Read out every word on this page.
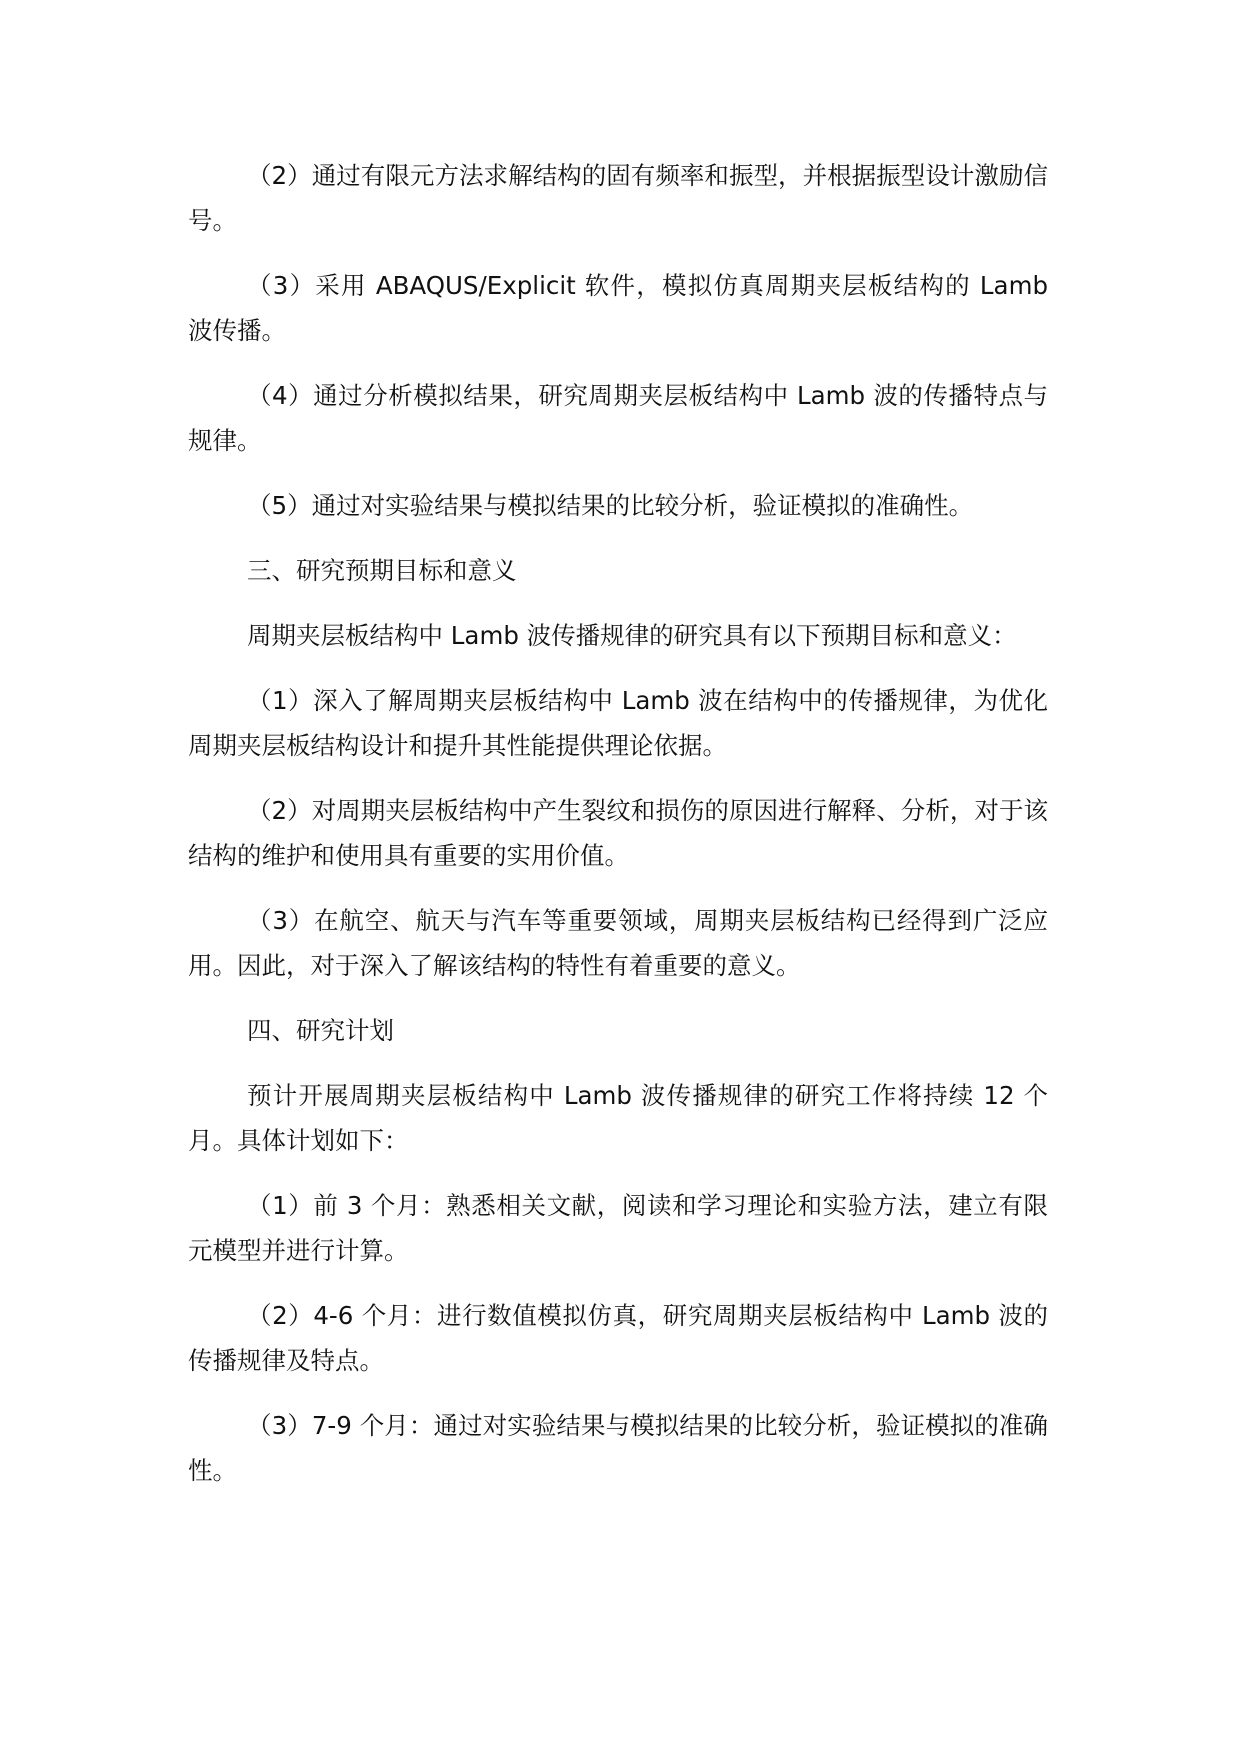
（2）通过有限元方法求解结构的固有频率和振型，并根据振型设计激励信号。

（3）采用 ABAQUS/Explicit 软件，模拟仿真周期夹层板结构的 Lamb 波传播。

（4）通过分析模拟结果，研究周期夹层板结构中 Lamb 波的传播特点与规律。

（5）通过对实验结果与模拟结果的比较分析，验证模拟的准确性。

三、研究预期目标和意义

周期夹层板结构中 Lamb 波传播规律的研究具有以下预期目标和意义：

（1）深入了解周期夹层板结构中 Lamb 波在结构中的传播规律，为优化周期夹层板结构设计和提升其性能提供理论依据。

（2）对周期夹层板结构中产生裂纹和损伤的原因进行解释、分析，对于该结构的维护和使用具有重要的实用价值。

（3）在航空、航天与汽车等重要领域，周期夹层板结构已经得到广泛应用。因此，对于深入了解该结构的特性有着重要的意义。

四、研究计划

预计开展周期夹层板结构中 Lamb 波传播规律的研究工作将持续 12 个月。具体计划如下：

（1）前 3 个月：熟悉相关文献，阅读和学习理论和实验方法，建立有限元模型并进行计算。

（2）4-6 个月：进行数值模拟仿真，研究周期夹层板结构中 Lamb 波的传播规律及特点。

（3）7-9 个月：通过对实验结果与模拟结果的比较分析，验证模拟的准确性。
